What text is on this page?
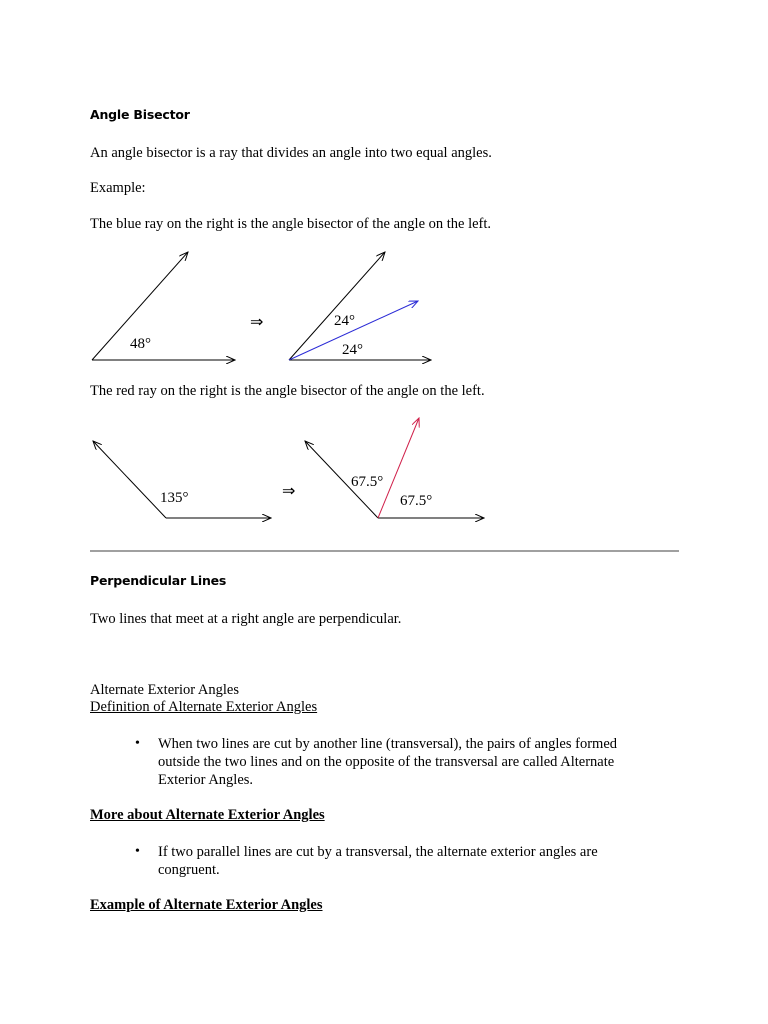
Angle Bisector
An angle bisector is a ray that divides an angle into two equal angles.
Example:
The blue ray on the right is the angle bisector of the angle on the left.
48°
⇒	24°
24°
The red ray on the right is the angle bisector of the angle on the left.
135°	⇒
67.5°
67.5°
Perpendicular Lines
Two lines that meet at a right angle are perpendicular.
Alternate Exterior Angles
Definition of Alternate Exterior Angles
• When two lines are cut by another line (transversal), the pairs of angles formed outside the two lines and on the opposite of the transversal are called Alternate Exterior Angles.
More about Alternate Exterior Angles
• If two parallel lines are cut by a transversal, the alternate exterior angles are congruent.
Example of Alternate Exterior Angles
